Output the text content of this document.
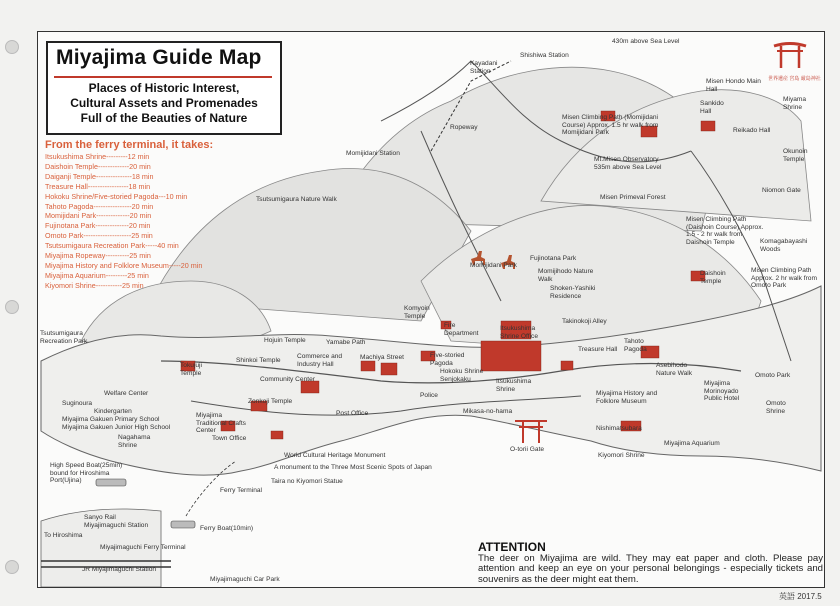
Miyajima Guide Map
Places of Historic Interest,
Cultural Assets and Promenades
Full of the Beauties of Nature
From the ferry terminal, it takes:
Itsukushima Shrine---------12 min
Daishoin Temple-------------20 min
Daiganji Temple---------------18 min
Treasure Hall-----------------18 min
Hokoku Shrine/Five-storied Pagoda---10 min
Tahoto Pagoda----------------20 min
Momijidani Park--------------20 min
Fujinotana Park--------------20 min
Omoto Park--------------------25 min
Tsutsumigaura Recreation Park-----40 min
Miyajima Ropeway----------25 min
Miyajima History and Folklore Museum-----20 min
Miyajima Aquarium---------25 min
Kiyomori Shrine-----------25 min
Shishiwa Station
430m above Sea Level
Kayadani Station
Misen Hondo Main Hall
Miyama Shrine
Sankido Hall
Reikado Hall
Okunoin Temple
Ropeway
Misen Climbing Path (Momijidani Course) Approx. 1.5 hr walk from Momijidani Park
Mt.Misen Observatory 535m above Sea Level
Momijidani Station
Niomon Gate
Misen Primeval Forest
Tsutsumigaura Nature Walk
Komagabayashi Woods
Misen Climbing Path (Daishoin Course) Approx. 1.5 - 2 hr walk from Daishoin Temple
Misen Climbing Path Approx. 2 hr walk from Omoto Park
Fujinotana Park
Momijidani Park
Momijihodo Nature Walk
Shoken-Yashiki Residence
Daishoin Temple
Tsutsumigaura Recreation Park
Komyoin Temple
Fire Department
Itsukushima Shrine Office
Takinokoji Alley
Tahoto Pagoda
Treasure Hall
Shinkoi Temple
Hojuin Temple	Yamabe Path
Machiya Street	Five-storied Pagoda
Commerce and Industry Hall	Asebihodo Nature Walk
Tokujuji Temple
Community Center
Omoto Park
Hokoku Shrine
Senjokaku	Itsukushima Shrine
Miyajima History and Folklore Museum
Welfare Center
Suginoura
Kindergarten
Miyajima Gakuen Primary School Miyajima Gakuen Junior High School
Miyajima Traditional Crafts Center
Zonkoji Temple
Post Office
Police
Mikasa-no-hama
O-torii Gate
Nishimatsubara
Kiyomori Shrine
Miyajima Aquarium
Omoto Shrine
Miyajima Morinoyado Public Hotel
Nagahama Shrine
Town Office
World Cultural Heritage Monument
A monument to the Three Most Scenic Spots of Japan
Taira no Kiyomori Statue
Ferry Terminal
High Speed Boat(25min) bound for Hiroshima Port(Ujina)
Sanyo Rail Miyajimaguchi Station	Ferry Boat(10min)
To Hiroshima
Miyajimaguchi Ferry Terminal
JR Miyajimaguchi Station
Miyajimaguchi Car Park
世界遺産 宮島 厳島神社
ATTENTION
The deer on Miyajima are wild. They may eat paper and cloth. Please pay attention and keep an eye on your personal belongings - especially tickets and souvenirs as the deer might eat them.
英語 2017.5
